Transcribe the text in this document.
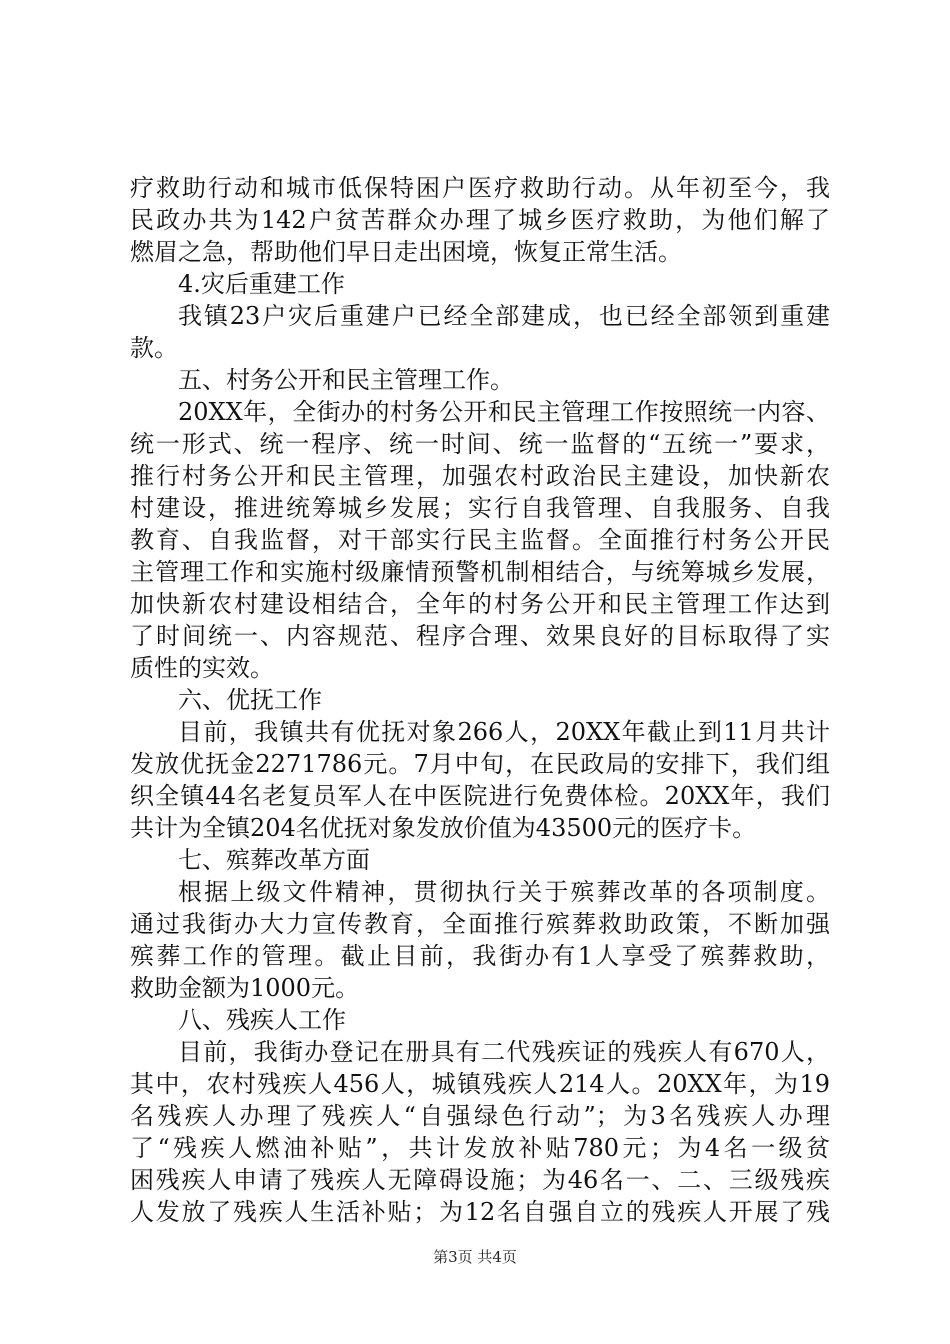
疗救助行动和城市低保特困户医疗救助行动。从年初至今，我
民政办共为142户贫苦群众办理了城乡医疗救助，为他们解了
燃眉之急，帮助他们早日走出困境，恢复正常生活。
4.灾后重建工作
我镇23户灾后重建户已经全部建成，也已经全部领到重建
款。
五、村务公开和民主管理工作。
20XX年，全街办的村务公开和民主管理工作按照统一内容、
统一形式、统一程序、统一时间、统一监督的“五统一”要求，
推行村务公开和民主管理，加强农村政治民主建设，加快新农
村建设，推进统筹城乡发展；实行自我管理、自我服务、自我
教育、自我监督，对干部实行民主监督。全面推行村务公开民
主管理工作和实施村级廉情预警机制相结合，与统筹城乡发展，
加快新农村建设相结合，全年的村务公开和民主管理工作达到
了时间统一、内容规范、程序合理、效果良好的目标取得了实
质性的实效。
六、优抚工作
目前，我镇共有优抚对象266人，20XX年截止到11月共计
发放优抚金2271786元。7月中旬，在民政局的安排下，我们组
织全镇44名老复员军人在中医院进行免费体检。20XX年，我们
共计为全镇204名优抚对象发放价值为43500元的医疗卡。
七、殡葬改革方面
根据上级文件精神，贯彻执行关于殡葬改革的各项制度。
通过我街办大力宣传教育，全面推行殡葬救助政策，不断加强
殡葬工作的管理。截止目前，我街办有1人享受了殡葬救助，
救助金额为1000元。
八、残疾人工作
目前，我街办登记在册具有二代残疾证的残疾人有670人，
其中，农村残疾人456人，城镇残疾人214人。20XX年，为19
名残疾人办理了残疾人“自强绿色行动”；为3名残疾人办理
了“残疾人燃油补贴”，共计发放补贴780元；为4名一级贫
困残疾人申请了残疾人无障碍设施；为46名一、二、三级残疾
人发放了残疾人生活补贴；为12名自强自立的残疾人开展了残
第3页 共4页
